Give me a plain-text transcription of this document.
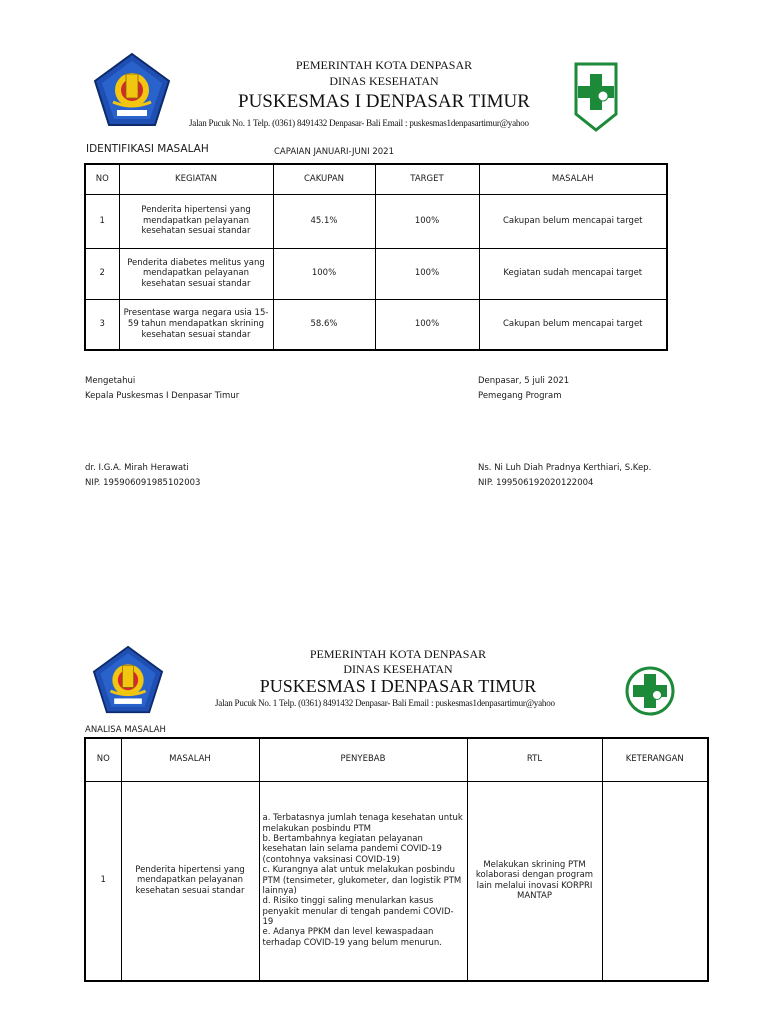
PEMERINTAH KOTA DENPASAR
DINAS KESEHATAN
PUSKESMAS I DENPASAR TIMUR
Jalan Pucuk No. 1 Telp. (0361) 8491432 Denpasar- Bali Email : puskesmas1denpasartimur@yahoo
IDENTIFIKASI MASALAH	CAPAIAN JANUARI-JUNI 2021
NO	KEGIATAN	CAKUPAN	TARGET	MASALAH
1	Penderita hipertensi yang mendapatkan pelayanan kesehatan sesuai standar	45.1%	100%	Cakupan belum mencapai target
2	Penderita diabetes melitus yang mendapatkan pelayanan kesehatan sesuai standar	100%	100%	Kegiatan sudah mencapai target
3	Presentase warga negara usia 15-59 tahun mendapatkan skrining kesehatan sesuai standar	58.6%	100%	Cakupan belum mencapai target
Mengetahui
Kepala Puskesmas I Denpasar Timur
dr. I.G.A. Mirah Herawati
NIP. 195906091985102003
Denpasar, 5 juli 2021
Pemegang Program
Ns. Ni Luh Diah Pradnya Kerthiari, S.Kep.
NIP. 199506192020122004
PEMERINTAH KOTA DENPASAR
DINAS KESEHATAN
PUSKESMAS I DENPASAR TIMUR
Jalan Pucuk No. 1 Telp. (0361) 8491432 Denpasar- Bali Email : puskesmas1denpasartimur@yahoo
ANALISA MASALAH
NO	MASALAH	PENYEBAB	RTL	KETERANGAN
1	Penderita hipertensi yang mendapatkan pelayanan kesehatan sesuai standar	a. Terbatasnya jumlah tenaga kesehatan untuk melakukan posbindu PTM
b. Bertambahnya kegiatan pelayanan kesehatan lain selama pandemi COVID-19 (contohnya vaksinasi COVID-19)
c. Kurangnya alat untuk melakukan posbindu PTM (tensimeter, glukometer, dan logistik PTM lainnya)
d. Risiko tinggi saling menularkan kasus penyakit menular di tengah pandemi COVID-19
e. Adanya PPKM dan level kewaspadaan terhadap COVID-19 yang belum menurun.	Melakukan skrining PTM kolaborasi dengan program lain melalui inovasi KORPRI MANTAP	
